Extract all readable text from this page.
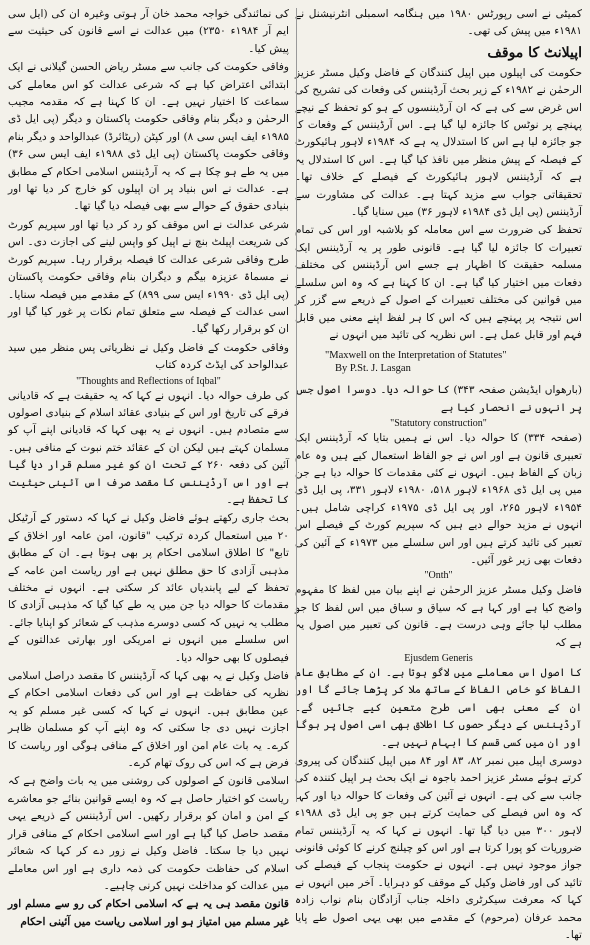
کمیٹی نے اسی رپورٹس ۱۹۸۰ میں ہنگامہ اسمبلی انٹرنیشنل نے ۱۹۸۱ء میں پیش کی تھی۔

اپیلانٹ کا موقف

حکومت کی اپیلوں میں اپیل کنندگان کے فاضل وکیل مسٹر عزیز الرحمٰن نے ۱۹۸۲ء کے زیر بحث آرڈیننس کی وفعات کی تشریح کی اس غرض سے کی ہے کہ ان آرڈیننسوں کے ہو کو تحفظ کے نیچے پہنچے پر نوٹس کا جائزہ لیا گیا ہے۔ اس آرڈیننس کے وفعات کا جو جائزہ لیا ہے اس کا استدلال یہ ہے کہ ۱۹۸۴ء لاہور ہائیکورٹ کے فیصلہ کے پیش منظر میں نافذ کیا گیا ہے۔ اس کا استدلال یہ ہے کہ آرڈیننس لاہور ہائیکورٹ کے فیصلے کے خلاف تھا۔ تحقیقاتی جواب سے مزید کہتا ہے۔ عدالت کی مشاورت سے آرڈیننس (پی ایل ڈی ۱۹۸۴ء لاہور ۳۶) میں سنایا گیا۔

تحفظ کی ضرورت سے اس معاملہ کو بلاشبہ اور اس کی تمام تعبیرات کا جائزہ لیا گیا ہے۔ قانونی طور پر یہ آرڈیننس ایک مسلمہ حقیقت کا اظہار ہے جسے اس آرڈیننس کی مختلف دفعات میں اختیار کیا گیا ہے۔ ان کا کہنا ہے کہ وہ اس سلسلے میں قوانین کی مختلف تعبیرات کے اصول کے ذریعے سے گزر کر اس نتیجہ پر پہنچے ہیں کہ اس کا ہر لفظ اپنے معنی میں قابل فہم اور قابل عمل ہے۔ اس نظریہ کی تائید میں انہوں نے

"Maxwell on the Interpretation of Statutes"
By P.St. J. Lasgan

(بارھواں ایڈیشن صفحہ ۳۴۳) کا حوالہ دیا۔ دوسرا اصول جس پر انہوں نے انحصار کیا ہے

"Statutory construction"

(صفحہ ۳۳۴) کا حوالہ دیا۔ اس نے ہمیں بتایا کہ آرڈیننس ایک تعبیری قانون ہے اور اس نے جو الفاظ استعمال کیے ہیں وہ عام زبان کے الفاظ ہیں۔ انہوں نے کئی مقدمات کا حوالہ دیا ہے جن میں پی ایل ڈی ۱۹۶۸ء لاہور ۵۱۸، ۱۹۸۰ء لاہور ۳۳۱، پی ایل ڈی ۱۹۵۴ء لاہور ۲۶۵، اور پی ایل ڈی ۱۹۷۵ء کراچی شامل ہیں۔ انہوں نے مزید حوالے دیے ہیں کہ سپریم کورٹ کے فیصلے اس تعبیر کی تائید کرتے ہیں اور اس سلسلے میں ۱۹۷۳ء کے آئین کی دفعات بھی زیر غور آئیں۔

"Onth"

فاضل وکیل مسٹر عزیز الرحمٰن نے اپنے بیان میں لفظ کا مفہوم واضح کیا ہے اور کہا ہے کہ سیاق و سباق میں اس لفظ کا جو مطلب لیا جائے وہی درست ہے۔ قانون کی تعبیر میں اصول یہ ہے کہ

Ejusdem Generis

کا اصول اس معاملے میں لاگو ہوتا ہے۔ ان کے مطابق عام الفاظ کو خاص الفاظ کے ساتھ ملا کر پڑھا جائے گا اور ان کے معنی بھی اسی طرح متعین کیے جائیں گے۔ آرڈیننس کے دیگر حصوں کا اطلاق بھی اسی اصول پر ہوگا اور ان میں کسی قسم کا ابہام نہیں ہے۔

دوسری اپیل میں نمبر ۸۲، ۸۳ اور ۸۴ میں اپیل کنندگان کی پیروی کرتے ہوئے مسٹر عزیز احمد باجوہ نے ایک بحث ہر اپیل کنندہ کی جانب سے کی ہے۔ انہوں نے آئین کی وفعات کا حوالہ دیا اور کہا کہ وہ اس فیصلے کی حمایت کرتے ہیں جو پی ایل ڈی ۱۹۸۸ء لاہور ۳۰۰ میں دیا گیا تھا۔ انہوں نے کہا کہ یہ آرڈیننس تمام ضروریات کو پورا کرتا ہے اور اس کو چیلنج کرنے کا کوئی قانونی جواز موجود نہیں ہے۔ انہوں نے حکومت پنجاب کے فیصلے کی تائید کی اور فاضل وکیل کے موقف کو دہرایا۔ آخر میں انہوں نے کہا کہ معرفت سیکرٹری داخلہ جناب آزادگان بنام نواب زادہ محمد عرفان (مرحوم) کے مقدمے میں بھی یہی اصول طے پایا تھا۔

کی نمائندگی خواجہ محمد خان آر ہوتی وغیرہ ان کی (ایل سی ایم آر ۱۹۸۴ء ۲۳۵۰) میں عدالت نے اسے قانون کی حیثیت سے پیش کیا۔

وفاقی حکومت کی جانب سے مسٹر ریاض الحسن گیلانی نے ایک ابتدائی اعتراض کیا ہے کہ شرعی عدالت کو اس معاملے کی سماعت کا اختیار نہیں ہے۔ ان کا کہنا ہے کہ مقدمہ مجیب الرحمٰن و دیگر بنام وفاقی حکومت پاکستان و دیگر (پی ایل ڈی ۱۹۸۵ء ایف ایس سی ۸) اور کپٹن (ریٹائرڈ) عبدالواحد و دیگر بنام وفاقی حکومت پاکستان (پی ایل ڈی ۱۹۸۸ء ایف ایس سی ۳۶) میں یہ طے ہو چکا ہے کہ یہ آرڈیننس اسلامی احکام کے مطابق ہے۔ عدالت نے اس بنیاد پر ان اپیلوں کو خارج کر دیا تھا اور بنیادی حقوق کے حوالے سے بھی فیصلہ دیا گیا تھا۔

شرعی عدالت نے اس موقف کو رد کر دیا تھا اور سپریم کورٹ کی شریعت اپیلٹ بنچ نے اپیل کو واپس لینے کی اجازت دی۔ اس طرح وفاقی شرعی عدالت کا فیصلہ برقرار رہا۔ سپریم کورٹ نے مسماۃ عزیزہ بیگم و دیگران بنام وفاقی حکومت پاکستان (پی ایل ڈی ۱۹۹۰ء ایس سی ۸۹۹) کے مقدمے میں فیصلہ سنایا۔ اسی عدالت کے فیصلہ سے متعلق تمام نکات پر غور کیا گیا اور ان کو برقرار رکھا گیا۔

وفاقی حکومت کے فاضل وکیل نے نظریاتی پس منظر میں سید عبدالواحد کی ایڈٹ کردہ کتاب

"Thoughts and Reflections of Iqbal"

کی طرف حوالہ دیا۔ انہوں نے کہا کہ یہ حقیقت ہے کہ قادیانی فرقے کی تاریخ اور اس کے بنیادی عقائد اسلام کے بنیادی اصولوں سے متصادم ہیں۔ انہوں نے یہ بھی کہا کہ قادیانی اپنے آپ کو مسلمان کہتے ہیں لیکن ان کے عقائد ختم نبوت کے منافی ہیں۔ آئین کی دفعہ ۲۶۰ کے تحت ان کو غیر مسلم قرار دیا گیا ہے اور اس آرڈیننس کا مقصد صرف اس آئینی حیثیت کا تحفظ ہے۔

بحث جاری رکھتے ہوئے فاضل وکیل نے کہا کہ دستور کے آرٹیکل ۲۰ میں استعمال کردہ ترکیب "قانون، امن عامہ اور اخلاق کے تابع" کا اطلاق اسلامی احکام پر بھی ہوتا ہے۔ ان کے مطابق مذہبی آزادی کا حق مطلق نہیں ہے اور ریاست امن عامہ کے تحفظ کے لیے پابندیاں عائد کر سکتی ہے۔ انہوں نے مختلف مقدمات کا حوالہ دیا جن میں یہ طے کیا گیا کہ مذہبی آزادی کا مطلب یہ نہیں کہ کسی دوسرے مذہب کے شعائر کو اپنایا جائے۔ اس سلسلے میں انہوں نے امریکی اور بھارتی عدالتوں کے فیصلوں کا بھی حوالہ دیا۔

فاضل وکیل نے یہ بھی کہا کہ آرڈیننس کا مقصد دراصل اسلامی نظریہ کی حفاظت ہے اور اس کی دفعات اسلامی احکام کے عین مطابق ہیں۔ انہوں نے کہا کہ کسی غیر مسلم کو یہ اجازت نہیں دی جا سکتی کہ وہ اپنے آپ کو مسلمان ظاہر کرے۔ یہ بات عام امن اور اخلاق کے منافی ہوگی اور ریاست کا فرض ہے کہ اس کی روک تھام کرے۔

اسلامی قانون کے اصولوں کی روشنی میں یہ بات واضح ہے کہ ریاست کو اختیار حاصل ہے کہ وہ ایسے قوانین بنائے جو معاشرے کے امن و امان کو برقرار رکھیں۔ اس آرڈیننس کے ذریعے یہی مقصد حاصل کیا گیا ہے اور اسے اسلامی احکام کے منافی قرار نہیں دیا جا سکتا۔ فاضل وکیل نے زور دے کر کہا کہ شعائر اسلام کی حفاظت حکومت کی ذمہ داری ہے اور اس معاملے میں عدالت کو مداخلت نہیں کرنی چاہیے۔

قانون مقصد ہی یہ ہے کہ اسلامی احکام کی رو سے مسلم اور غیر مسلم میں امتیاز ہو اور اسلامی ریاست میں آئینی احکام
